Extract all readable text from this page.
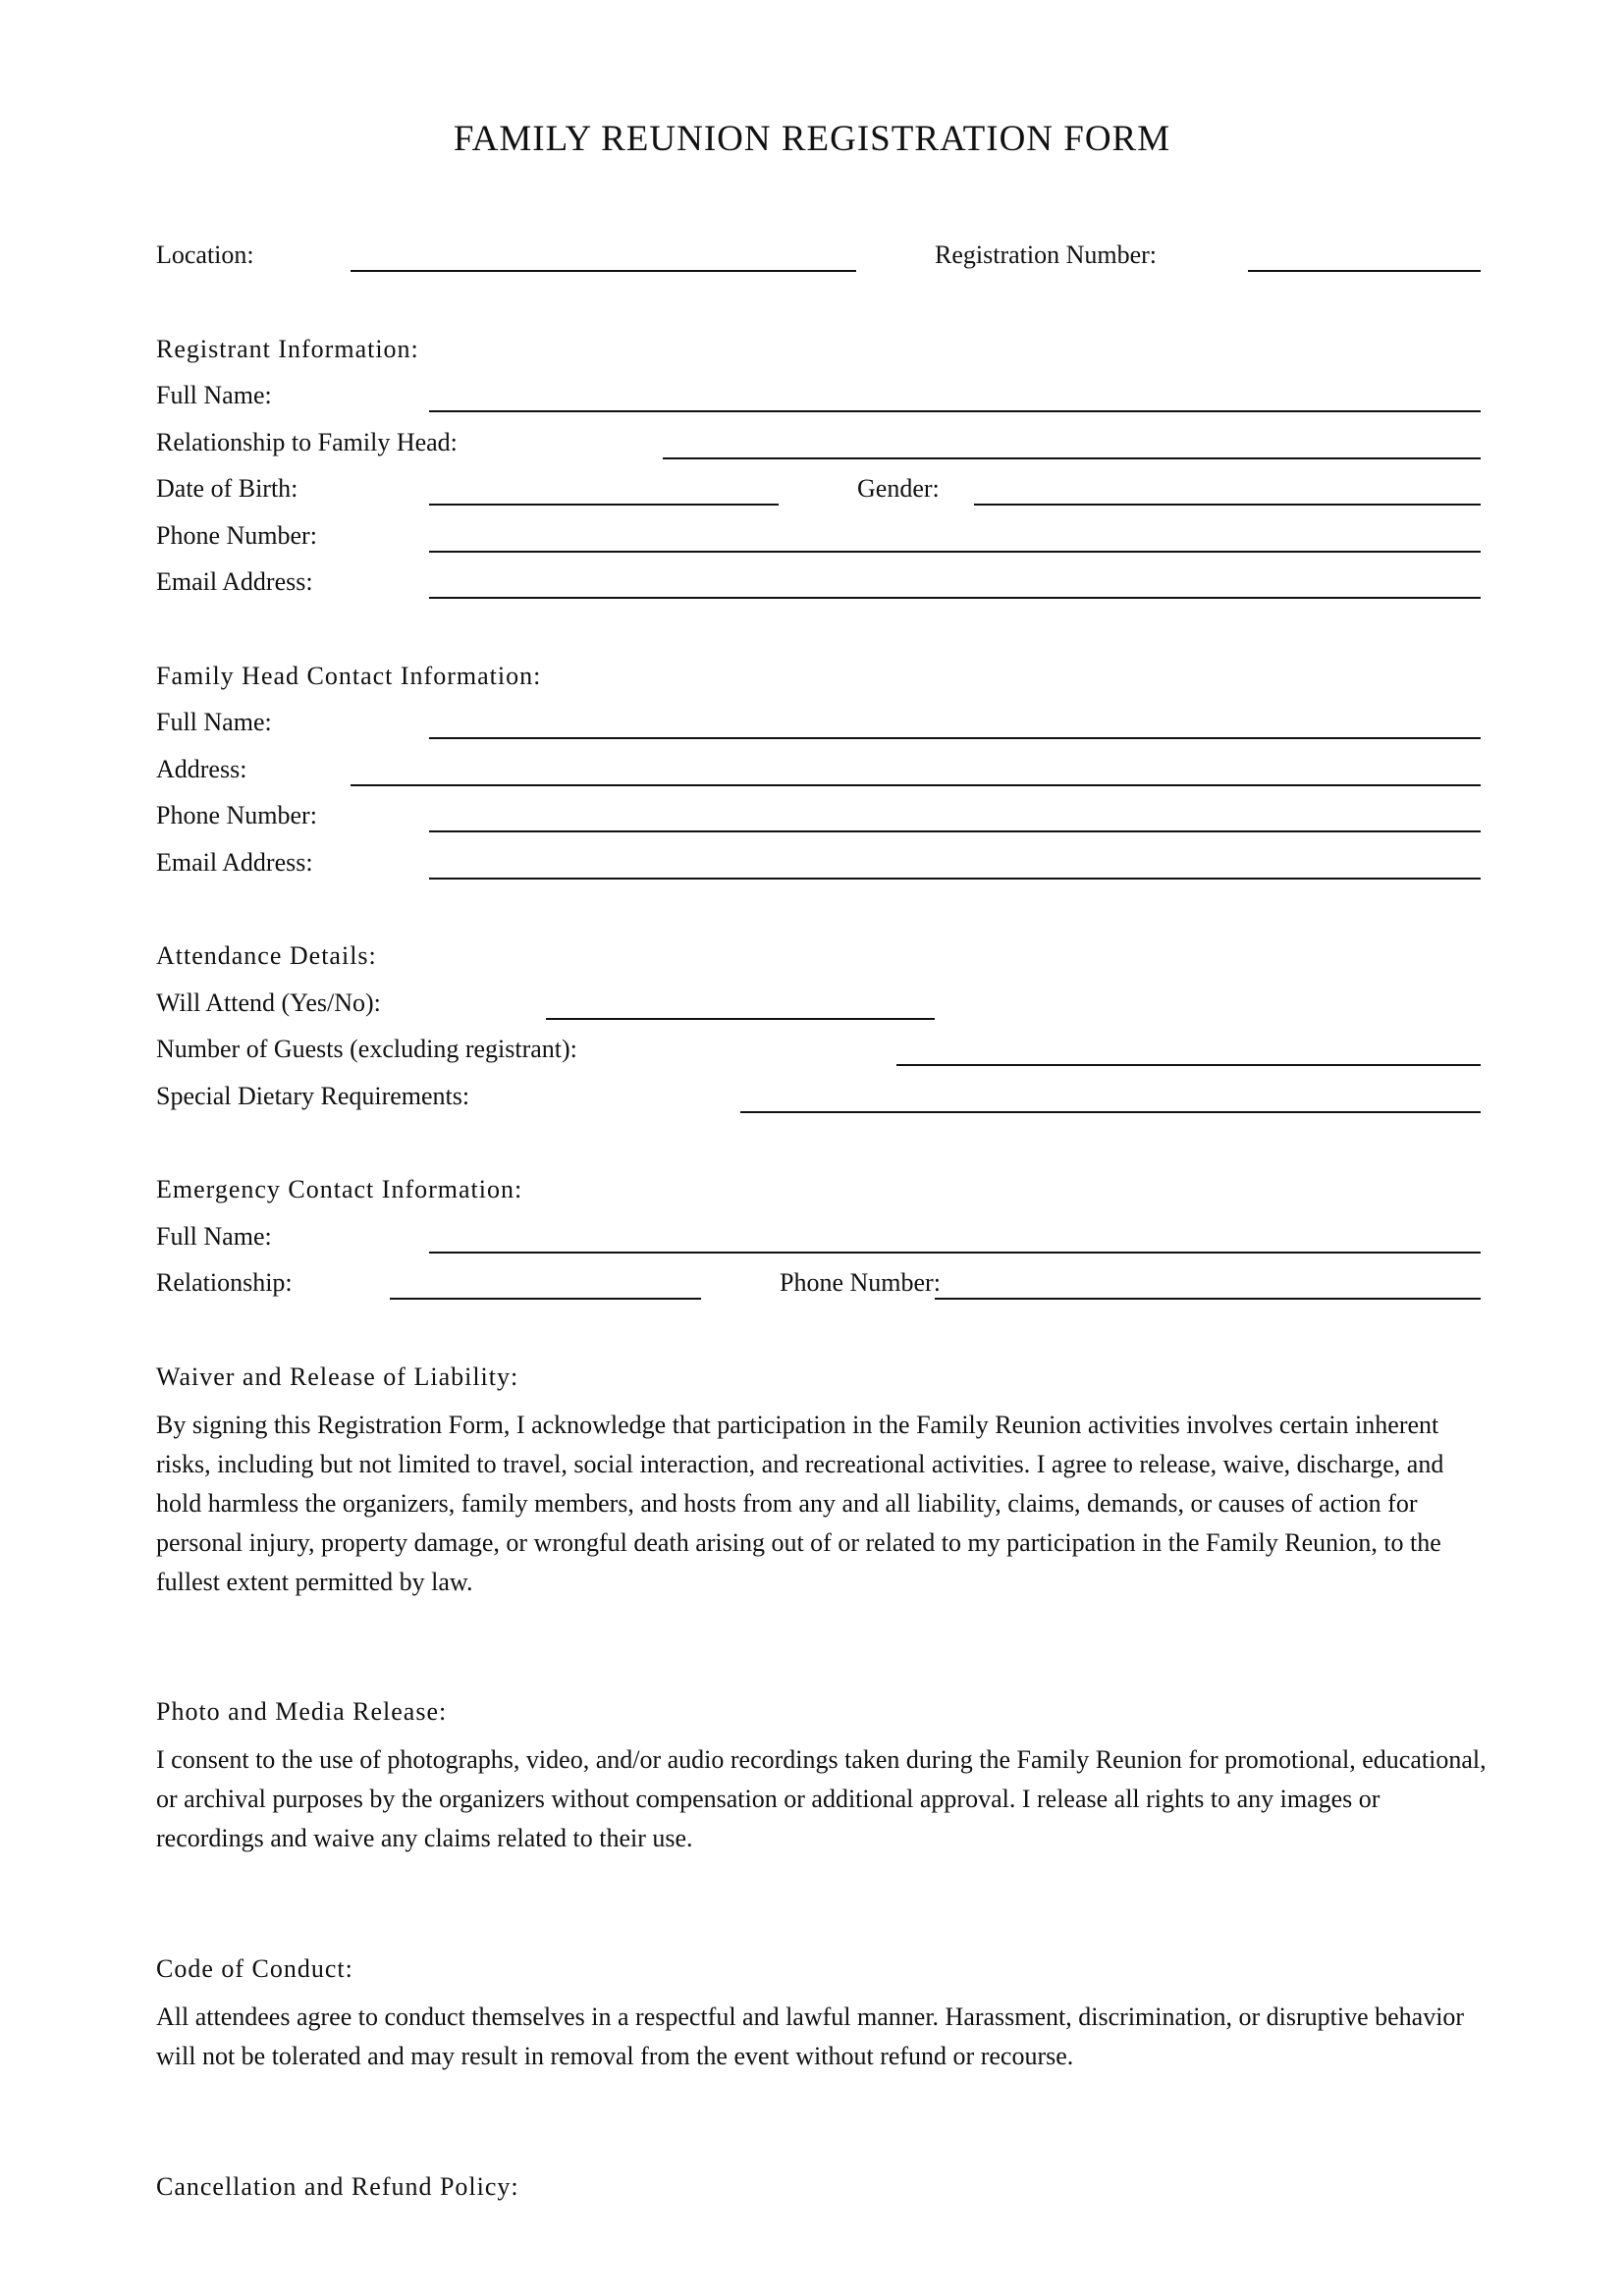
FAMILY REUNION REGISTRATION FORM
Location:	Registration Number:
Registrant Information:
Full Name:
Relationship to Family Head:
Date of Birth:	Gender:
Phone Number:
Email Address:
Family Head Contact Information:
Full Name:
Address:
Phone Number:
Email Address:
Attendance Details:
Will Attend (Yes/No):
Number of Guests (excluding registrant):
Special Dietary Requirements:
Emergency Contact Information:
Full Name:
Relationship:	Phone Number:
Waiver and Release of Liability:
By signing this Registration Form, I acknowledge that participation in the Family Reunion activities involves certain inherent risks, including but not limited to travel, social interaction, and recreational activities. I agree to release, waive, discharge, and hold harmless the organizers, family members, and hosts from any and all liability, claims, demands, or causes of action for personal injury, property damage, or wrongful death arising out of or related to my participation in the Family Reunion, to the fullest extent permitted by law.
Photo and Media Release:
I consent to the use of photographs, video, and/or audio recordings taken during the Family Reunion for promotional, educational, or archival purposes by the organizers without compensation or additional approval. I release all rights to any images or recordings and waive any claims related to their use.
Code of Conduct:
All attendees agree to conduct themselves in a respectful and lawful manner. Harassment, discrimination, or disruptive behavior will not be tolerated and may result in removal from the event without refund or recourse.
Cancellation and Refund Policy:
